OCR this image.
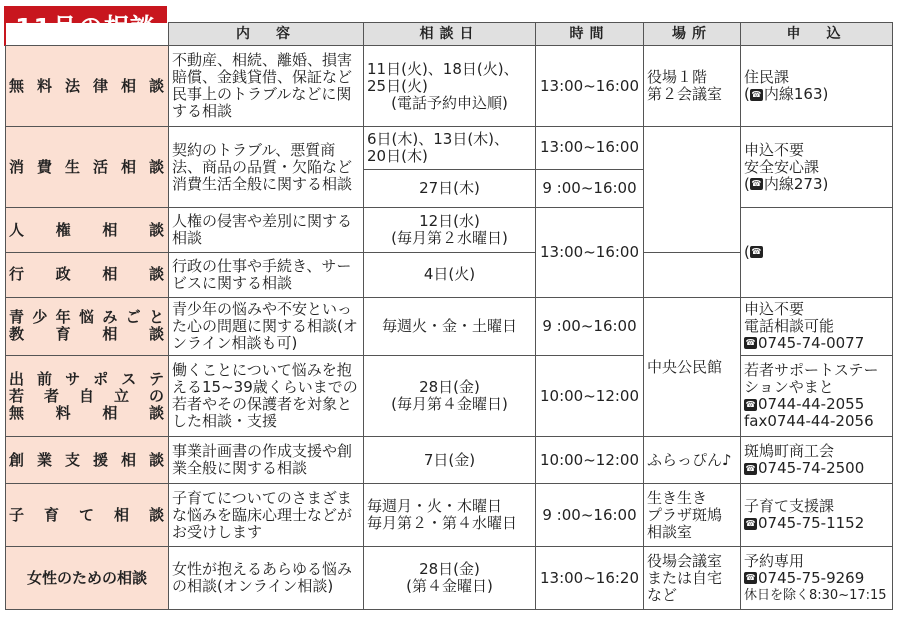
	内　容	相談日	時間	場所	申　込

無料法律相談	不動産、相続、離婚、損害賠償、金銭貸借、保証など民事上のトラブルなどに関する相談	11日(火)、18日(火)、
25日(火)
(電話予約申込順)	13:00~16:00	役場１階
第２会議室	住民課
( ☎ 内線163)

消費生活相談	契約のトラブル、悪質商法、商品の品質・欠陥など消費生活全般に関する相談	6日(木)、13日(木)、
20日(木)	13:00~16:00		申込不要
安全安心課
( ☎ 内線273)

		27日(木)	9 :00~16:00		

人　権　相　談	人権の侵害や差別に関する相談	12日(水)
(毎月第２水曜日)	13:00~16:00		( ☎

行　政　相　談	行政の仕事や手続き、サービスに関する相談	4日(火)			

青少年悩みごと
教　育　相　談	青少年の悩みや不安といった心の問題に関する相談(オンライン相談も可)	毎週火・金・土曜日	9 :00~16:00	中央公民館	申込不要
電話相談可能
☎ 0745-74-0077

出前サポステ
若者自立の
無　料　相　談	働くことについて悩みを抱える15~39歳くらいまでの若者やその保護者を対象とした相談・支援	28日(金)
(毎月第４金曜日)	10:00~12:00		若者サポートステー
ションやまと
☎ 0744-44-2055
fax0744-44-2056

創業支援相談	事業計画書の作成支援や創業全般に関する相談	7日(金)	10:00~12:00	ふらっぴん♪	斑鳩町商工会
☎ 0745-74-2500

子　育　て　相　談	子育てについてのさまざまな悩みを臨床心理士などがお受けします	毎週月・火・木曜日
毎月第２・第４水曜日	9 :00~16:00	生き生き
プラザ斑鳩
相談室	子育て支援課
☎ 0745-75-1152

女性のための相談	女性が抱えるあらゆる悩みの相談(オンライン相談)	28日(金)
(第４金曜日)	13:00~16:20	役場会議室
または自宅
など	予約専用
☎ 0745-75-9269
休日を除く8:30~17:15
